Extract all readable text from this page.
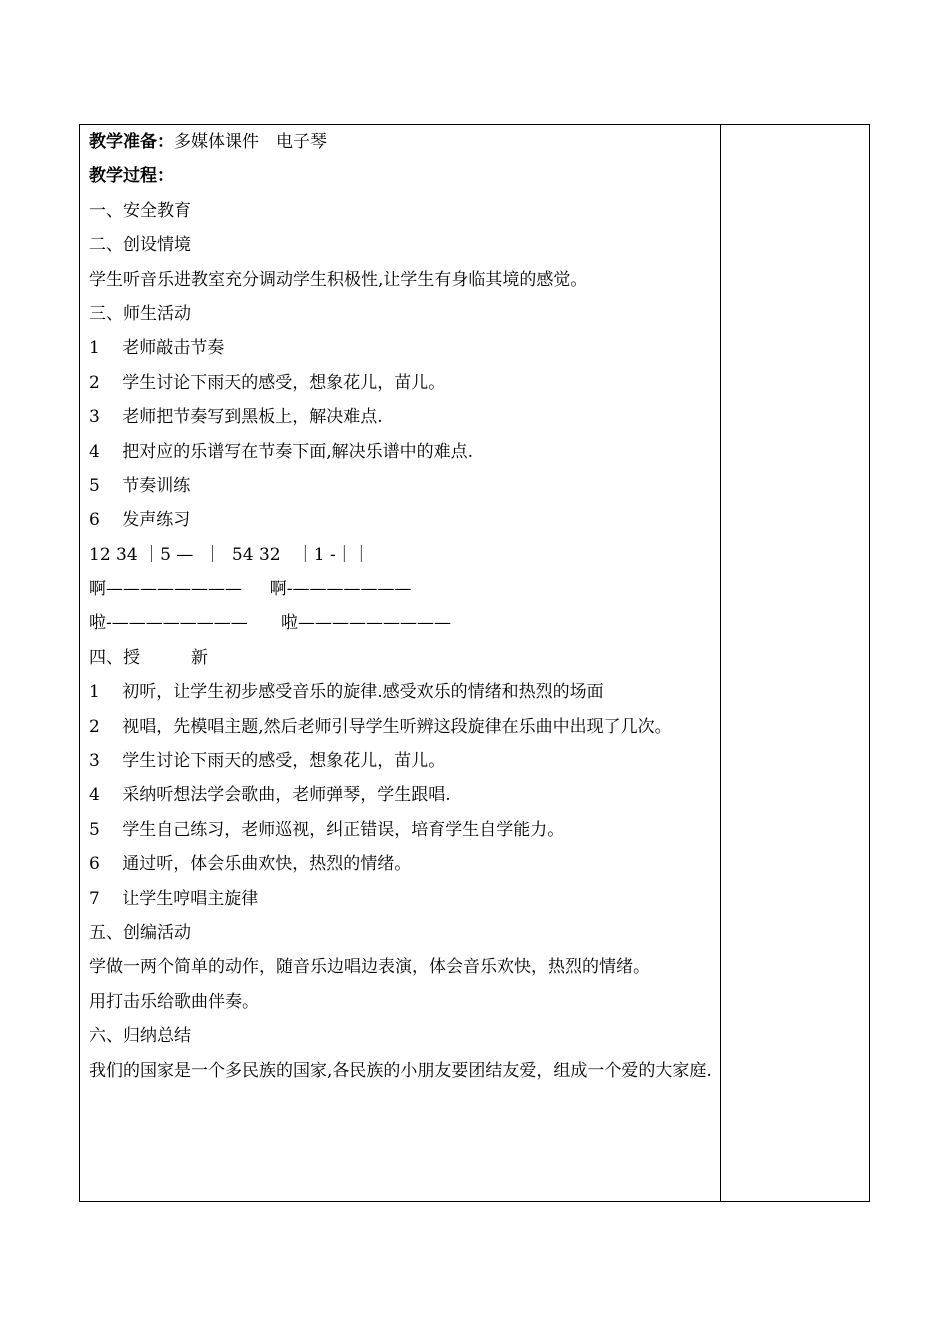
教学准备：多媒体课件　电子琴
教学过程：
一、安全教育
二、创设情境
学生听音乐进教室充分调动学生积极性,让学生有身临其境的感觉。
三、师生活动
1　 老师敲击节奏
2　 学生讨论下雨天的感受，想象花儿，苗儿。
3　 老师把节奏写到黑板上，解决难点.
4　 把对应的乐谱写在节奏下面,解决乐谱中的难点.
5　 节奏训练
6　 发声练习
12 34 ｜5 —  ｜  54 32   ｜1 -｜｜
啊————————　  啊-———————
啦-————————　   啦—————————
四、授　　　新
1　 初听，让学生初步感受音乐的旋律.感受欢乐的情绪和热烈的场面
2　 视唱，先模唱主题,然后老师引导学生听辨这段旋律在乐曲中出现了几次。
3　 学生讨论下雨天的感受，想象花儿，苗儿。
4　 采纳听想法学会歌曲，老师弹琴，学生跟唱.
5　 学生自己练习，老师巡视，纠正错误，培育学生自学能力。
6　 通过听，体会乐曲欢快，热烈的情绪。
7　 让学生哼唱主旋律
五、创编活动
学做一两个简单的动作，随音乐边唱边表演，体会音乐欢快，热烈的情绪。
用打击乐给歌曲伴奏。
六、归纳总结
我们的国家是一个多民族的国家,各民族的小朋友要团结友爱，组成一个爱的大家庭.
